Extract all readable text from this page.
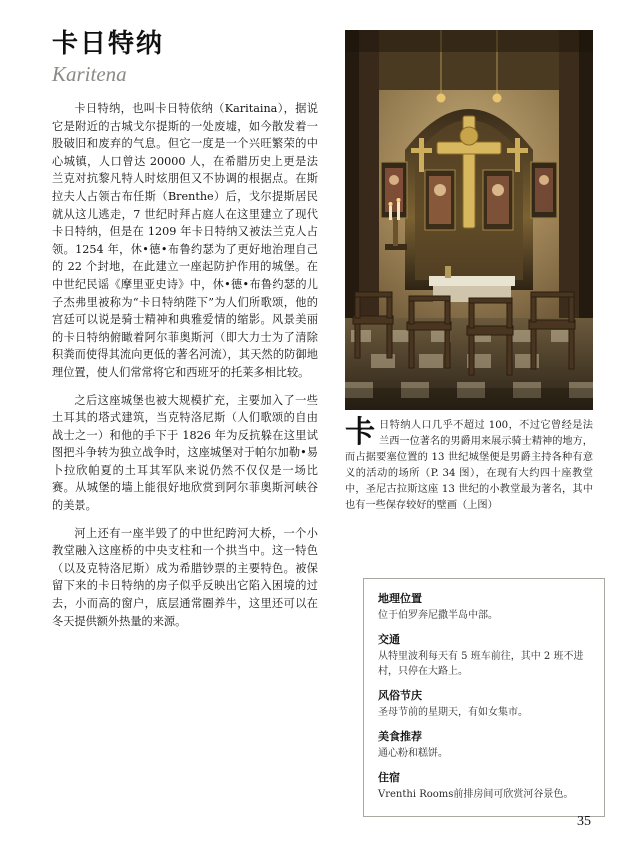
卡日特纳
Karitena

卡日特纳，也叫卡日特依纳（Karitaina），据说它是附近的古城戈尔提斯的一处废墟，如今散发着一股破旧和废弃的气息。但它一度是一个兴旺繁荣的中心城镇，人口曾达 20000 人，在希腊历史上更是法兰克对抗黎凡特人时炫朋但又不协调的根据点。在斯拉夫人占领古布任斯（Brenthe）后，戈尔提斯居民就从这儿逃走，7 世纪时拜占庭人在这里建立了现代卡日特纳，但是在 1209 年卡日特纳又被法兰克人占领。1254 年，休•德•布鲁约瑟为了更好地治理自己的 22 个封地，在此建立一座起防护作用的城堡。在中世纪民谣《摩里亚史诗》中，休•德•布鲁约瑟的儿子杰弗里被称为“卡日特纳陛下”为人们所歌颂，他的宫廷可以说是骑士精神和典雅爱情的缩影。风景美丽的卡日特纳俯瞰着阿尔菲奥斯河（即大力士为了清除积粪而使得其流向更低的著名河流），其天然的防御地理位置，使人们常常将它和西班牙的托莱多相比较。

之后这座城堡也被大规模扩充，主要加入了一些土耳其的塔式建筑，当克特洛尼斯（人们歌颂的自由战士之一）和他的手下于 1826 年为反抗躲在这里试图把斗争转为独立战争时，这座城堡对于帕尔加勒•易卜拉欣帕夏的土耳其军队来说仍然不仅仅是一场比赛。从城堡的墙上能很好地欣赏到阿尔菲奥斯河峡谷的美景。

河上还有一座半毁了的中世纪跨河大桥，一个小教堂融入这座桥的中央支柱和一个拱当中。这一特色（以及克特洛尼斯）成为希腊钞票的主要特色。被保留下来的卡日特纳的房子似乎反映出它陷入困境的过去，小而高的窗户，底层通常圈养牛，这里还可以在冬天提供额外热量的来源。

卡 日特纳人口几乎不超过 100，不过它曾经是法兰西一位著名的男爵用来展示骑士精神的地方，而占据要塞位置的 13 世纪城堡便是男爵主持各种有意义的活动的场所（P. 34 图），在现有大约四十座教堂中，圣尼古拉斯这座 13 世纪的小教堂最为著名，其中也有一些保存较好的壁画（上图）

地理位置
位于伯罗奔尼撒半岛中部。
交通
从特里波利每天有 5 班车前往，其中 2 班不进村，只停在大路上。
风俗节庆
圣母节前的星期天，有如女集市。
美食推荐
通心粉和糕饼。
住宿
Vrenthi Rooms前排房间可欣赏河谷景色。
35
